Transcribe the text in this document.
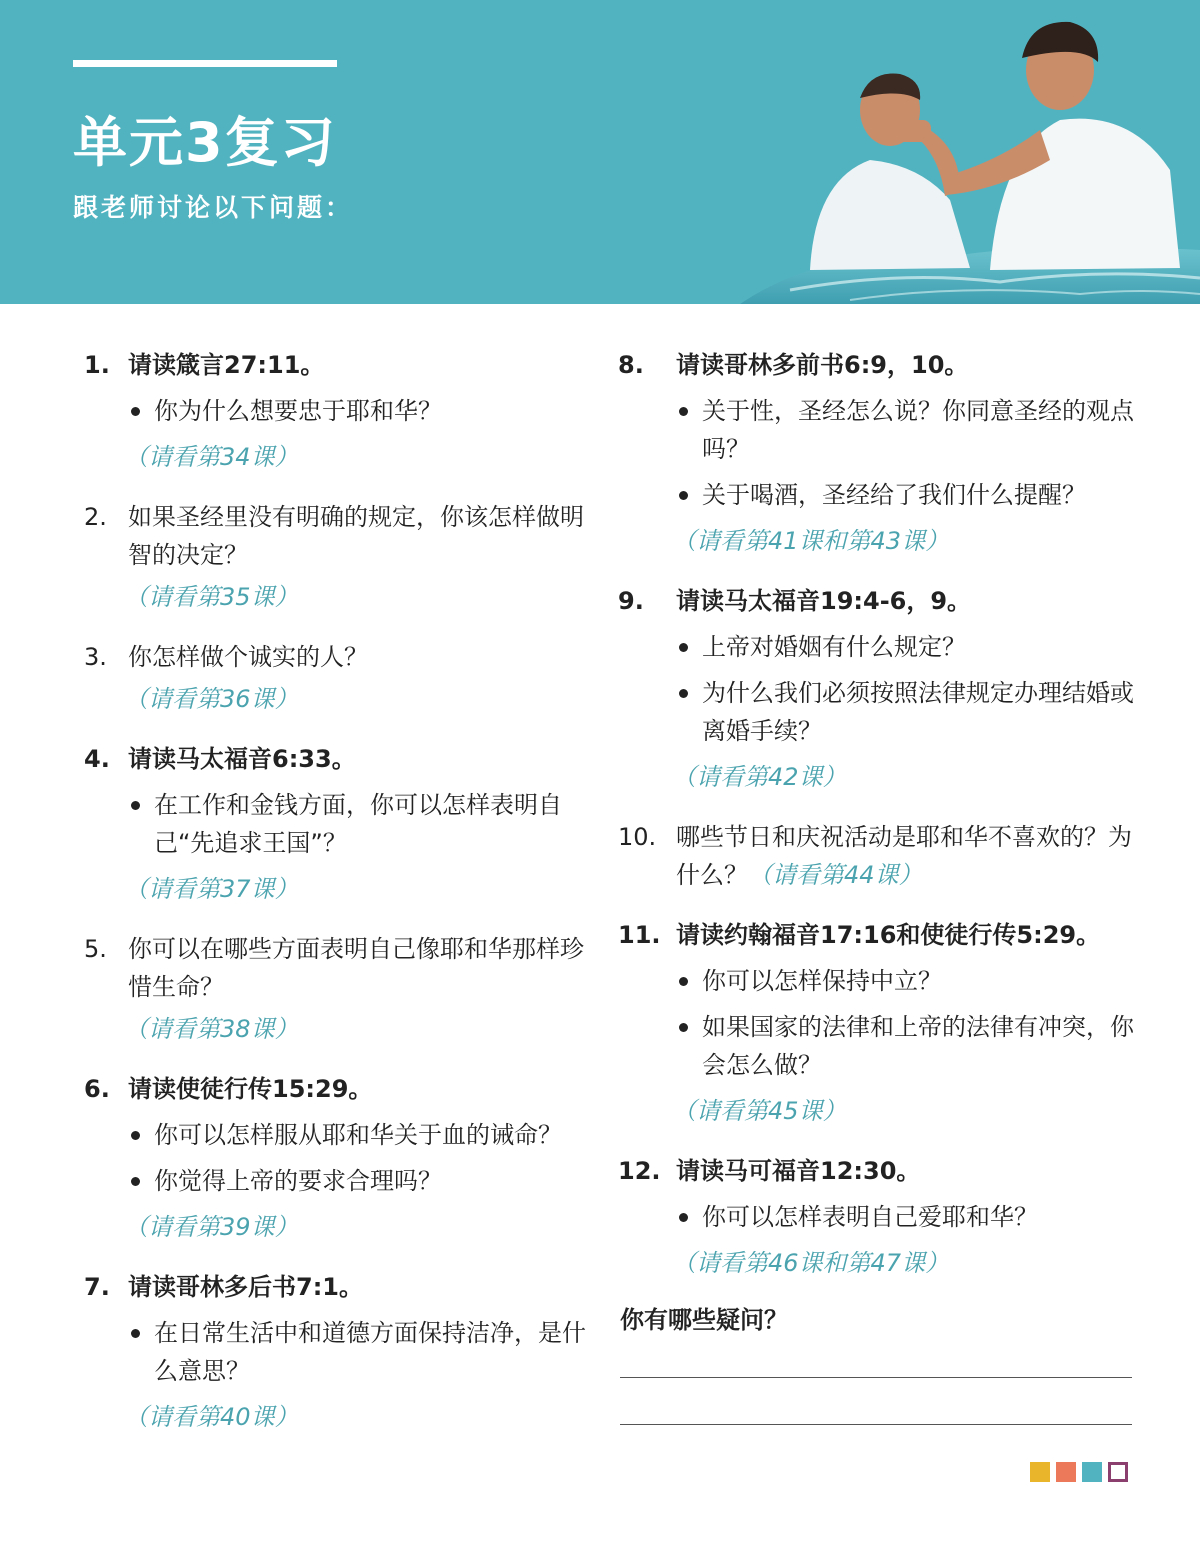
单元3复习
跟老师讨论以下问题：
1. 请读箴言27:11。
你为什么想要忠于耶和华？
（请看第34课）
2. 如果圣经里没有明确的规定，你该怎样做明智的决定？
（请看第35课）
3. 你怎样做个诚实的人？
（请看第36课）
4. 请读马太福音6:33。
在工作和金钱方面，你可以怎样表明自己“先追求王国”？
（请看第37课）
5. 你可以在哪些方面表明自己像耶和华那样珍惜生命？
（请看第38课）
6. 请读使徒行传15:29。
你可以怎样服从耶和华关于血的诫命？
你觉得上帝的要求合理吗？
（请看第39课）
7. 请读哥林多后书7:1。
在日常生活中和道德方面保持洁净，是什么意思？
（请看第40课）
8.	请读哥林多前书6:9，10。
关于性，圣经怎么说？你同意圣经的观点吗？
关于喝酒，圣经给了我们什么提醒？
（请看第41课和第43课）
9.	请读马太福音19:4-6，9。
上帝对婚姻有什么规定？
为什么我们必须按照法律规定办理结婚或离婚手续？
（请看第42课）
10. 哪些节日和庆祝活动是耶和华不喜欢的？为什么？（请看第44课）
11. 请读约翰福音17:16和使徒行传5:29。
你可以怎样保持中立？
如果国家的法律和上帝的法律有冲突，你会怎么做？
（请看第45课）
12. 请读马可福音12:30。
你可以怎样表明自己爱耶和华？
（请看第46课和第47课）
你有哪些疑问？
